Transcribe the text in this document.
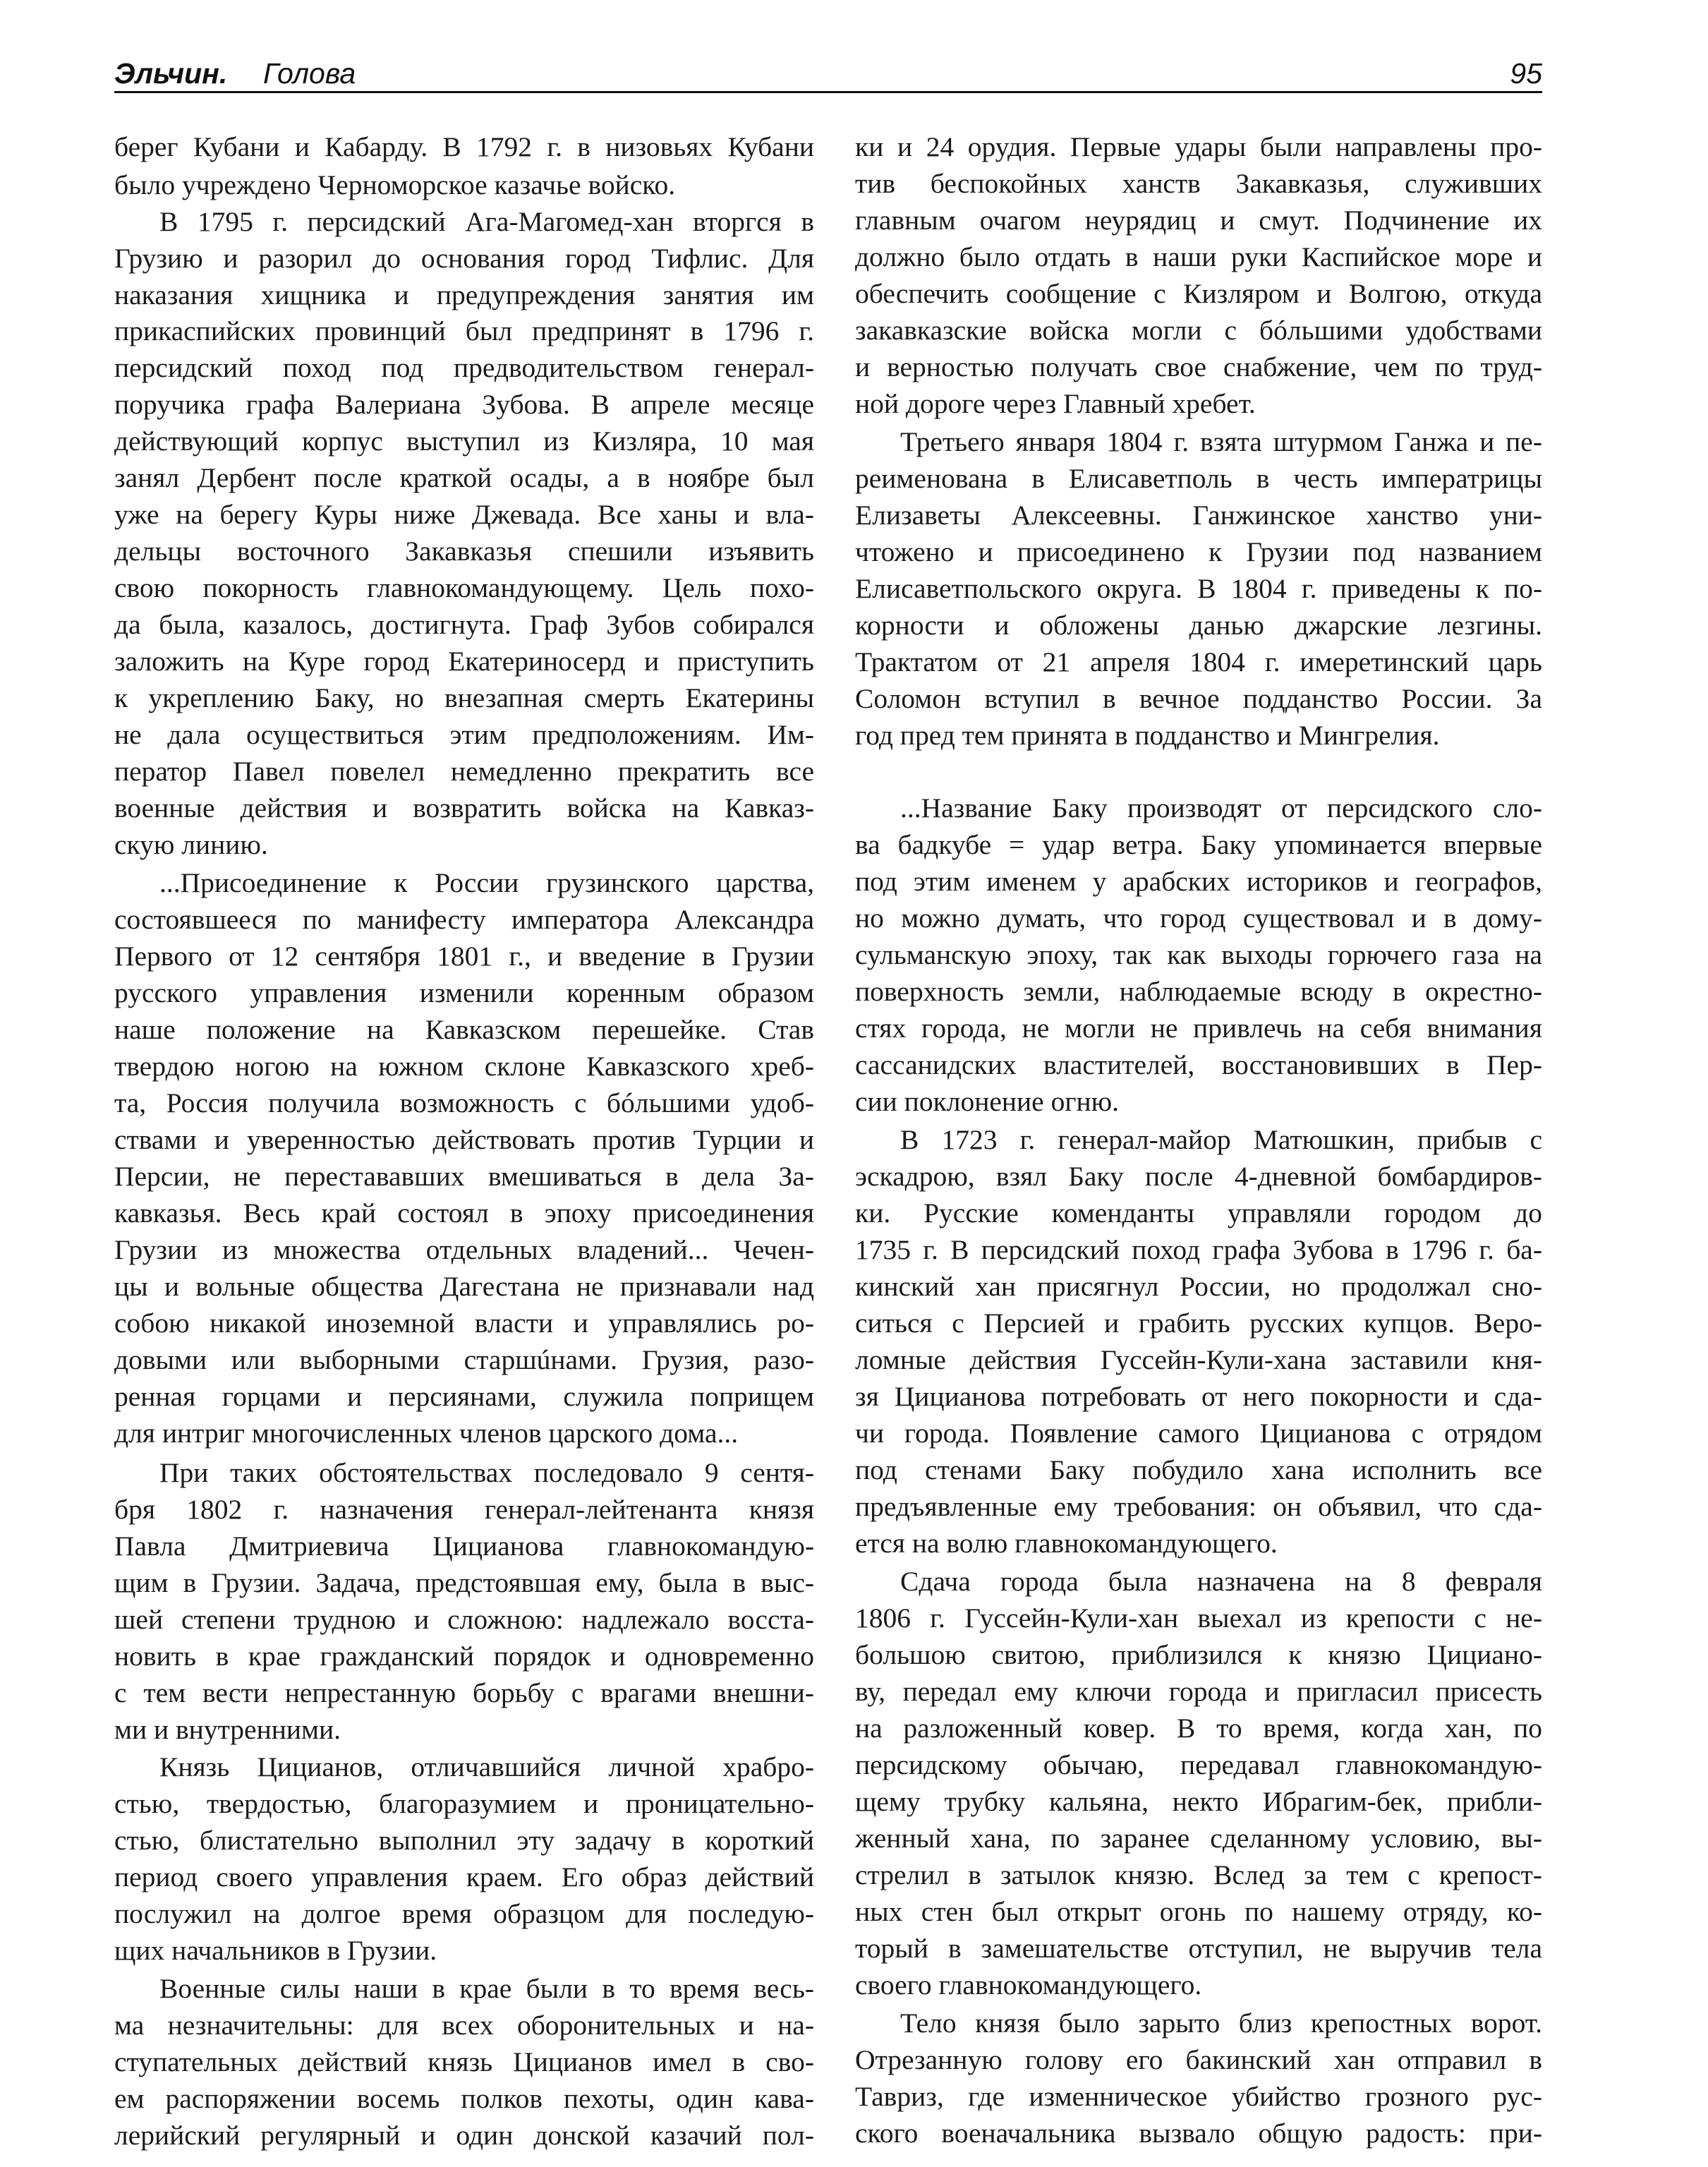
Эльчин. Голова	95
берег Кубани и Кабарду. В 1792 г. в низовьях Кубани
было учреждено Черноморское казачье войско.
В 1795 г. персидский Ага-Магомед-хан вторгся в
Грузию и разорил до основания город Тифлис. Для
наказания хищника и предупреждения занятия им
прикаспийских провинций был предпринят в 1796 г.
персидский поход под предводительством генерал-
поручика графа Валериана Зубова. В апреле месяце
действующий корпус выступил из Кизляра, 10 мая
занял Дербент после краткой осады, а в ноябре был
уже на берегу Куры ниже Джевада. Все ханы и вла-
дельцы восточного Закавказья спешили изъявить
свою покорность главнокомандующему. Цель похо-
да была, казалось, достигнута. Граф Зубов собирался
заложить на Куре город Екатериносерд и приступить
к укреплению Баку, но внезапная смерть Екатерины
не дала осуществиться этим предположениям. Им-
ператор Павел повелел немедленно прекратить все
военные действия и возвратить войска на Кавказ-
скую линию.
...Присоединение к России грузинского царства,
состоявшееся по манифесту императора Александра
Первого от 12 сентября 1801 г., и введение в Грузии
русского управления изменили коренным образом
наше положение на Кавказском перешейке. Став
твердою ногою на южном склоне Кавказского хреб-
та, Россия получила возможность с бóльшими удоб-
ствами и уверенностью действовать против Турции и
Персии, не перестававших вмешиваться в дела За-
кавказья. Весь край состоял в эпоху присоединения
Грузии из множества отдельных владений... Чечен-
цы и вольные общества Дагестана не признавали над
собою никакой иноземной власти и управлялись ро-
довыми или выборными старшúнами. Грузия, разо-
ренная горцами и персиянами, служила поприщем
для интриг многочисленных членов царского дома...
При таких обстоятельствах последовало 9 сентя-
бря 1802 г. назначения генерал-лейтенанта князя
Павла Дмитриевича Цицианова главнокомандую-
щим в Грузии. Задача, предстоявшая ему, была в выс-
шей степени трудною и сложною: надлежало восста-
новить в крае гражданский порядок и одновременно
с тем вести непрестанную борьбу с врагами внешни-
ми и внутренними.
Князь Цицианов, отличавшийся личной храбро-
стью, твердостью, благоразумием и проницательно-
стью, блистательно выполнил эту задачу в короткий
период своего управления краем. Его образ действий
послужил на долгое время образцом для последую-
щих начальников в Грузии.
Военные силы наши в крае были в то время весь-
ма незначительны: для всех оборонительных и на-
ступательных действий князь Цицианов имел в сво-
ем распоряжении восемь полков пехоты, один кава-
лерийский регулярный и один донской казачий пол-
ки и 24 орудия. Первые удары были направлены про-
тив беспокойных ханств Закавказья, служивших
главным очагом неурядиц и смут. Подчинение их
должно было отдать в наши руки Каспийское море и
обеспечить сообщение с Кизляром и Волгою, откуда
закавказские войска могли с бóльшими удобствами
и верностью получать свое снабжение, чем по труд-
ной дороге через Главный хребет.
Третьего января 1804 г. взята штурмом Ганжа и пе-
реименована в Елисаветполь в честь императрицы
Елизаветы Алексеевны. Ганжинское ханство уни-
чтожено и присоединено к Грузии под названием
Елисаветпольского округа. В 1804 г. приведены к по-
корности и обложены данью джарские лезгины.
Трактатом от 21 апреля 1804 г. имеретинский царь
Соломон вступил в вечное подданство России. За
год пред тем принята в подданство и Мингрелия.
...Название Баку производят от персидского сло-
ва бадкубе = удар ветра. Баку упоминается впервые
под этим именем у арабских историков и географов,
но можно думать, что город существовал и в дому-
сульманскую эпоху, так как выходы горючего газа на
поверхность земли, наблюдаемые всюду в окрестно-
стях города, не могли не привлечь на себя внимания
сассанидских властителей, восстановивших в Пер-
сии поклонение огню.
В 1723 г. генерал-майор Матюшкин, прибыв с
эскадрою, взял Баку после 4-дневной бомбардиров-
ки. Русские коменданты управляли городом до
1735 г. В персидский поход графа Зубова в 1796 г. ба-
кинский хан присягнул России, но продолжал сно-
ситься с Персией и грабить русских купцов. Веро-
ломные действия Гуссейн-Кули-хана заставили кня-
зя Цицианова потребовать от него покорности и сда-
чи города. Появление самого Цицианова с отрядом
под стенами Баку побудило хана исполнить все
предъявленные ему требования: он объявил, что сда-
ется на волю главнокомандующего.
Сдача города была назначена на 8 февраля
1806 г. Гуссейн-Кули-хан выехал из крепости с не-
большою свитою, приблизился к князю Цициано-
ву, передал ему ключи города и пригласил присесть
на разложенный ковер. В то время, когда хан, по
персидскому обычаю, передавал главнокомандую-
щему трубку кальяна, некто Ибрагим-бек, прибли-
женный хана, по заранее сделанному условию, вы-
стрелил в затылок князю. Вслед за тем с крепост-
ных стен был открыт огонь по нашему отряду, ко-
торый в замешательстве отступил, не выручив тела
своего главнокомандующего.
Тело князя было зарыто близ крепостных ворот.
Отрезанную голову его бакинский хан отправил в
Тавриз, где изменническое убийство грозного рус-
ского военачальника вызвало общую радость: при-
